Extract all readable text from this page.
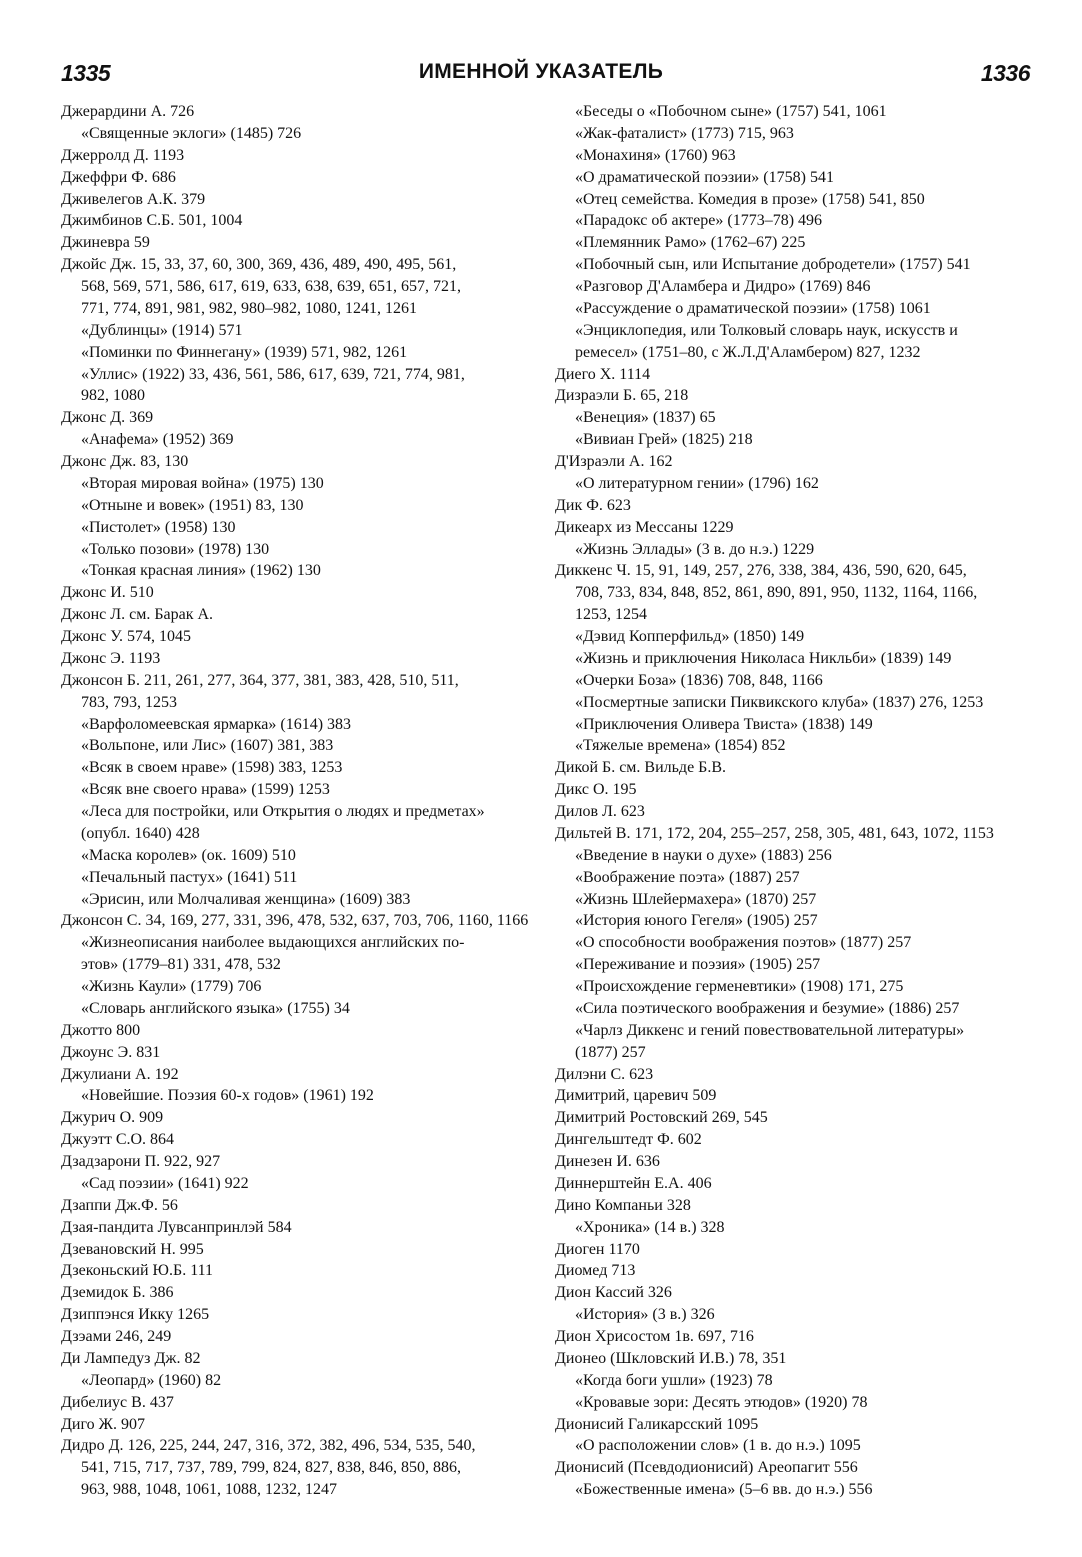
1335	ИМЕННОЙ УКАЗАТЕЛЬ	1336
Джерардини А. 726
«Священные эклоги» (1485) 726
Джерролд Д. 1193
Джеффри Ф. 686
Дживелегов А.К. 379
Джимбинов С.Б. 501, 1004
Джиневра 59
Джойс Дж. 15, 33, 37, 60, 300, 369, 436, 489, 490, 495, 561,
568, 569, 571, 586, 617, 619, 633, 638, 639, 651, 657, 721,
771, 774, 891, 981, 982, 980–982, 1080, 1241, 1261
«Дублинцы» (1914) 571
«Поминки по Финнегану» (1939) 571, 982, 1261
«Уллис» (1922) 33, 436, 561, 586, 617, 639, 721, 774, 981,
982, 1080
Джонс Д. 369
«Анафема» (1952) 369
Джонс Дж. 83, 130
«Вторая мировая война» (1975) 130
«Отныне и вовек» (1951) 83, 130
«Пистолет» (1958) 130
«Только позови» (1978) 130
«Тонкая красная линия» (1962) 130
Джонс И. 510
Джонс Л. см. Барак А.
Джонс У. 574, 1045
Джонс Э. 1193
Джонсон Б. 211, 261, 277, 364, 377, 381, 383, 428, 510, 511,
783, 793, 1253
«Варфоломеевская ярмарка» (1614) 383
«Вольпоне, или Лис» (1607) 381, 383
«Всяк в своем нраве» (1598) 383, 1253
«Всяк вне своего нрава» (1599) 1253
«Леса для постройки, или Открытия о людях и предметах»
(опубл. 1640) 428
«Маска королев» (ок. 1609) 510
«Печальный пастух» (1641) 511
«Эрисин, или Молчаливая женщина» (1609) 383
Джонсон С. 34, 169, 277, 331, 396, 478, 532, 637, 703, 706, 1160, 1166
«Жизнеописания наиболее выдающихся английских по-
этов» (1779–81) 331, 478, 532
«Жизнь Каули» (1779) 706
«Словарь английского языка» (1755) 34
Джотто 800
Джоунс Э. 831
Джулиани А. 192
«Новейшие. Поэзия 60-х годов» (1961) 192
Джурич О. 909
Джуэтт С.О. 864
Дзадзарони П. 922, 927
«Сад поэзии» (1641) 922
Дзаппи Дж.Ф. 56
Дзая-пандита Лувсанпринлэй 584
Дзевановский Н. 995
Дзеконьский Ю.Б. 111
Дземидок Б. 386
Дзиппэнся Икку 1265
Дзэами 246, 249
Ди Лампедуз Дж. 82
«Леопард» (1960) 82
Дибелиус В. 437
Диго Ж. 907
Дидро Д. 126, 225, 244, 247, 316, 372, 382, 496, 534, 535, 540,
541, 715, 717, 737, 789, 799, 824, 827, 838, 846, 850, 886,
963, 988, 1048, 1061, 1088, 1232, 1247
«Беседы о «Побочном сыне» (1757) 541, 1061
«Жак-фаталист» (1773) 715, 963
«Монахиня» (1760) 963
«О драматической поэзии» (1758) 541
«Отец семейства. Комедия в прозе» (1758) 541, 850
«Парадокс об актере» (1773–78) 496
«Племянник Рамо» (1762–67) 225
«Побочный сын, или Испытание добродетели» (1757) 541
«Разговор Д'Аламбера и Дидро» (1769) 846
«Рассуждение о драматической поэзии» (1758) 1061
«Энциклопедия, или Толковый словарь наук, искусств и
ремесел» (1751–80, с Ж.Л.Д'Аламбером) 827, 1232
Диего Х. 1114
Дизраэли Б. 65, 218
«Венеция» (1837) 65
«Вивиан Грей» (1825) 218
Д'Израэли А. 162
«О литературном гении» (1796) 162
Дик Ф. 623
Дикеарх из Мессаны 1229
«Жизнь Эллады» (3 в. до н.э.) 1229
Диккенс Ч. 15, 91, 149, 257, 276, 338, 384, 436, 590, 620, 645,
708, 733, 834, 848, 852, 861, 890, 891, 950, 1132, 1164, 1166,
1253, 1254
«Дэвид Копперфильд» (1850) 149
«Жизнь и приключения Николаса Никльби» (1839) 149
«Очерки Боза» (1836) 708, 848, 1166
«Посмертные записки Пиквикского клуба» (1837) 276, 1253
«Приключения Оливера Твиста» (1838) 149
«Тяжелые времена» (1854) 852
Дикой Б. см. Вильде Б.В.
Дикс О. 195
Дилов Л. 623
Дильтей В. 171, 172, 204, 255–257, 258, 305, 481, 643, 1072, 1153
«Введение в науки о духе» (1883) 256
«Воображение поэта» (1887) 257
«Жизнь Шлейермахера» (1870) 257
«История юного Гегеля» (1905) 257
«О способности воображения поэтов» (1877) 257
«Переживание и поэзия» (1905) 257
«Происхождение герменевтики» (1908) 171, 275
«Сила поэтического воображения и безумие» (1886) 257
«Чарлз Диккенс и гений повествовательной литературы»
(1877) 257
Дилэни С. 623
Димитрий, царевич 509
Димитрий Ростовский 269, 545
Дингельштедт Ф. 602
Динезен И. 636
Диннерштейн Е.А. 406
Дино Компаньи 328
«Хроника» (14 в.) 328
Диоген 1170
Диомед 713
Дион Кассий 326
«История» (3 в.) 326
Дион Хрисостом 1в. 697, 716
Дионео (Шкловский И.В.) 78, 351
«Когда боги ушли» (1923) 78
«Кровавые зори: Десять этюдов» (1920) 78
Дионисий Галикарсский 1095
«О расположении слов» (1 в. до н.э.) 1095
Дионисий (Псевдодионисий) Ареопагит 556
«Божественные имена» (5–6 вв. до н.э.) 556
